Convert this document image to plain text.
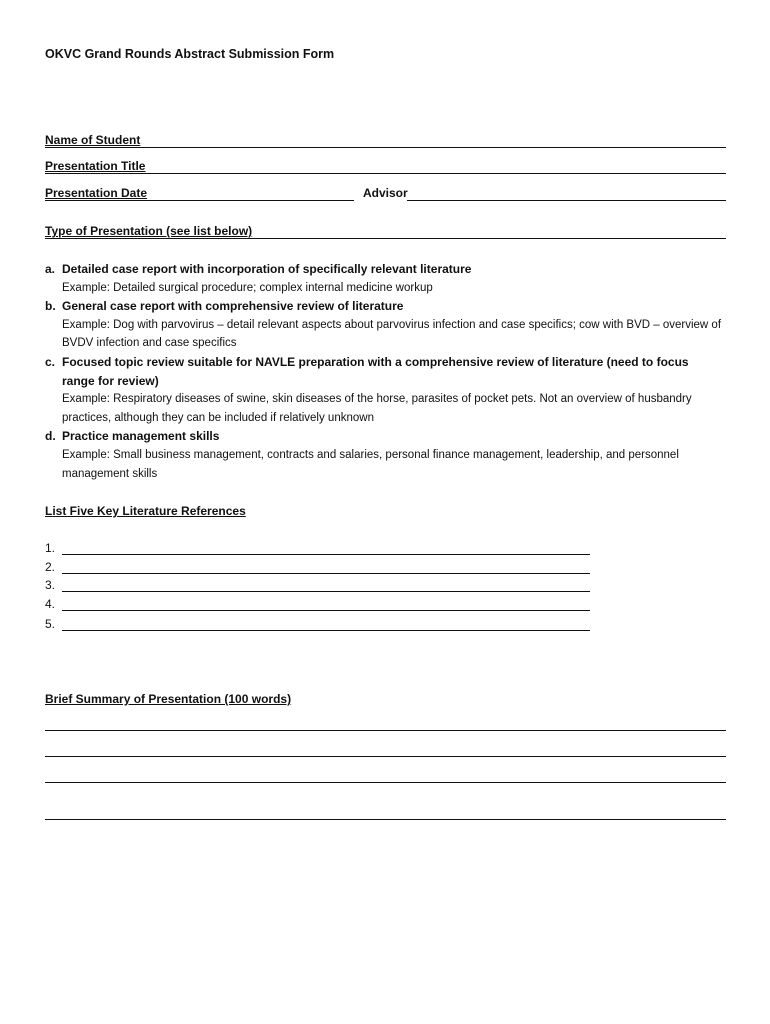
OKVC Grand Rounds Abstract Submission Form
Name of Student
Presentation Title
Presentation Date	Advisor
Type of Presentation (see list below)
a. Detailed case report with incorporation of specifically relevant literature
Example: Detailed surgical procedure; complex internal medicine workup
b. General case report with comprehensive review of literature
Example: Dog with parvovirus – detail relevant aspects about parvovirus infection and case specifics; cow with BVD – overview of BVDV infection and case specifics
c. Focused topic review suitable for NAVLE preparation with a comprehensive review of literature (need to focus range for review)
Example: Respiratory diseases of swine, skin diseases of the horse, parasites of pocket pets. Not an overview of husbandry practices, although they can be included if relatively unknown
d. Practice management skills
Example: Small business management, contracts and salaries, personal finance management, leadership, and personnel management skills
List Five Key Literature References
1.
2.
3.
4.
5.
Brief Summary of Presentation (100 words)
